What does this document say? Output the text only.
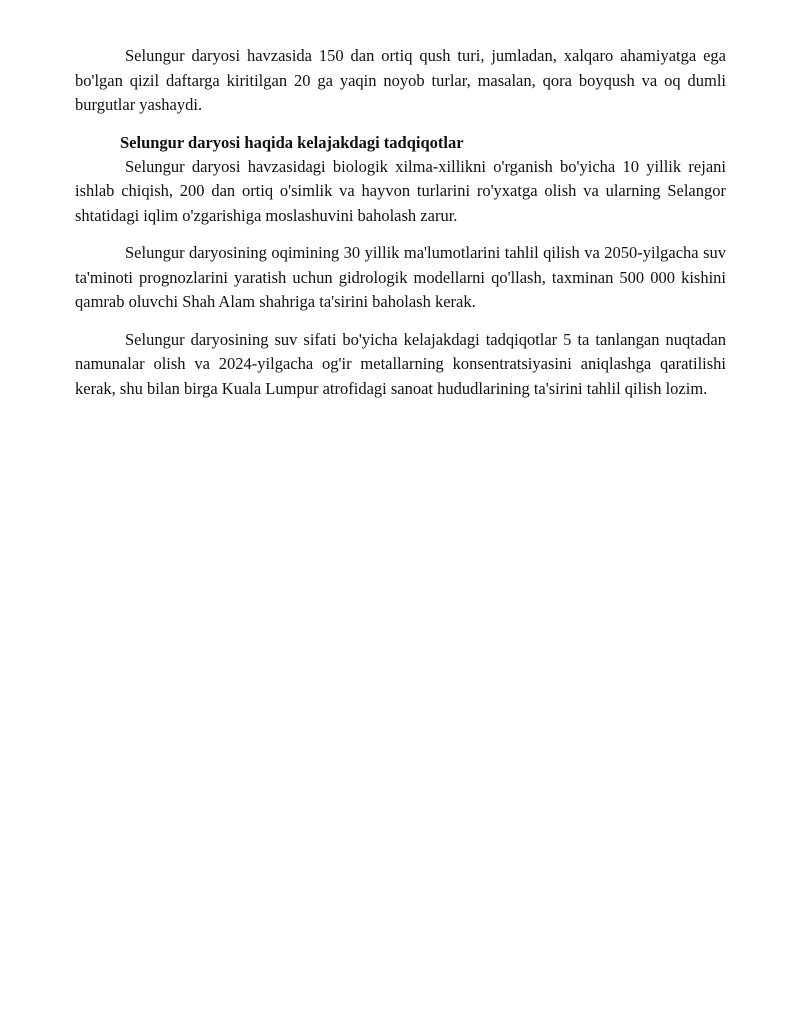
Selungur daryosi havzasida 150 dan ortiq qush turi, jumladan, xalqaro ahamiyatga ega bo'lgan qizil daftarga kiritilgan 20 ga yaqin noyob turlar, masalan, qora boyqush va oq dumli burgutlar yashaydi.

Selungur daryosi haqida kelajakdagi tadqiqotlar

Selungur daryosi havzasidagi biologik xilma-xillikni o'rganish bo'yicha 10 yillik rejani ishlab chiqish, 200 dan ortiq o'simlik va hayvon turlarini ro'yxatga olish va ularning Selangor shtatidagi iqlim o'zgarishiga moslashuvini baholash zarur.

Selungur daryosining oqimining 30 yillik ma'lumotlarini tahlil qilish va 2050-yilgacha suv ta'minoti prognozlarini yaratish uchun gidrologik modellarni qo'llash, taxminan 500 000 kishini qamrab oluvchi Shah Alam shahriga ta'sirini baholash kerak.

Selungur daryosining suv sifati bo'yicha kelajakdagi tadqiqotlar 5 ta tanlangan nuqtadan namunalar olish va 2024-yilgacha og'ir metallarning konsentratsiyasini aniqlashga qaratilishi kerak, shu bilan birga Kuala Lumpur atrofidagi sanoat hududlarining ta'sirini tahlil qilish lozim.
